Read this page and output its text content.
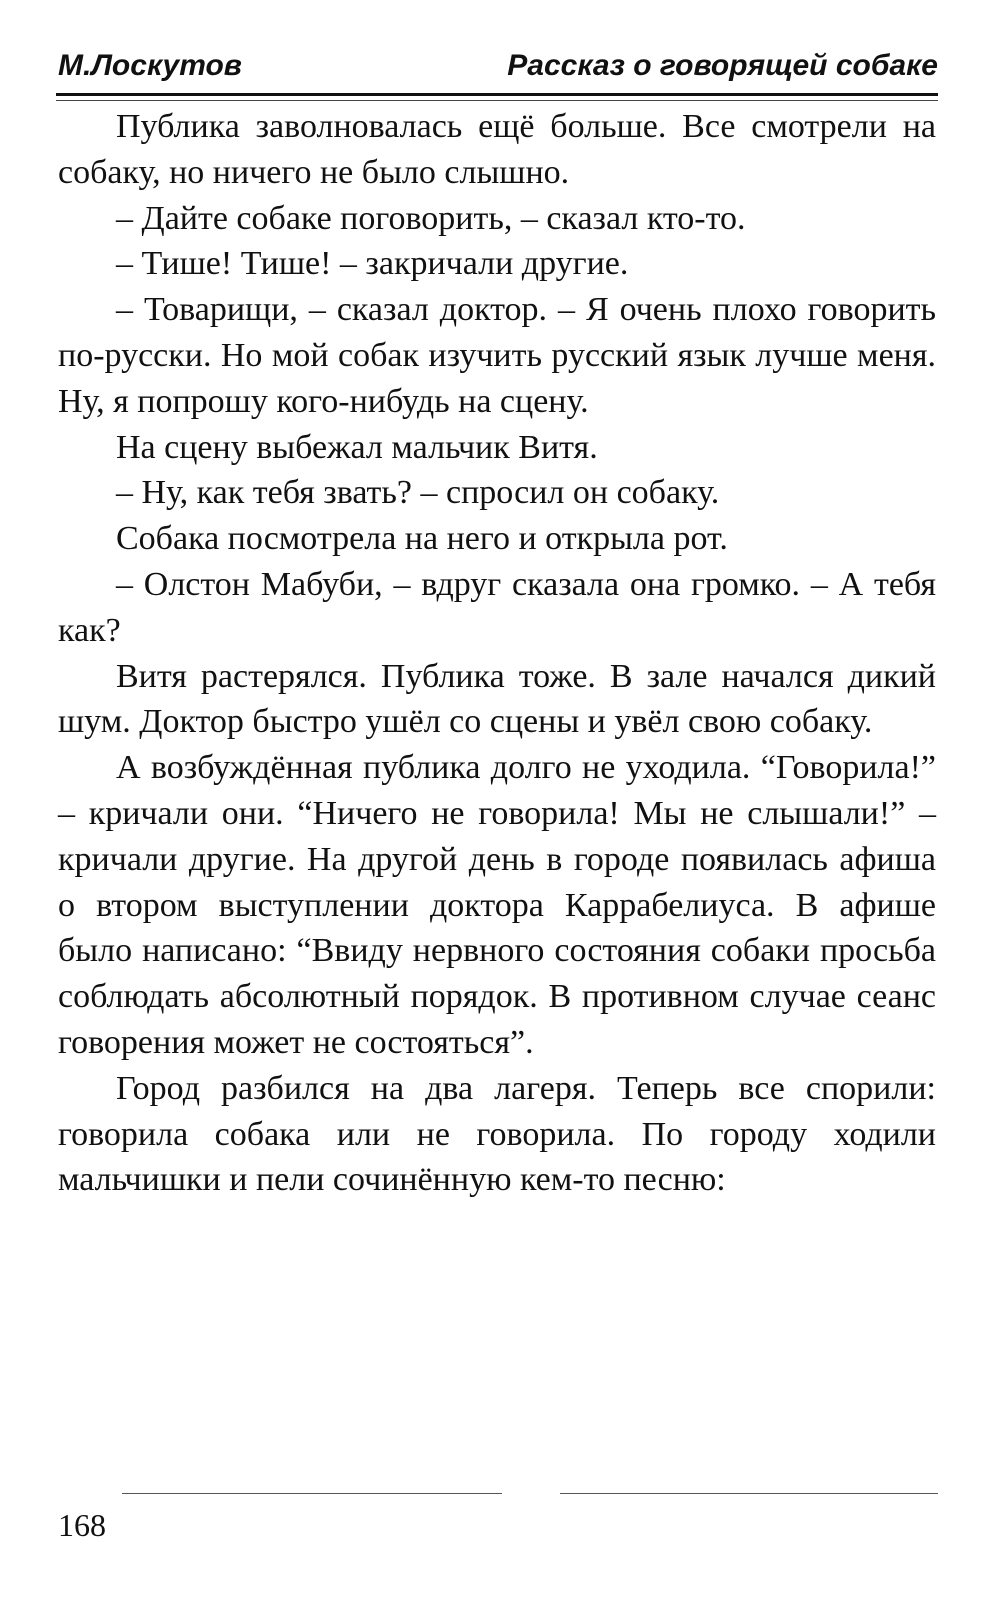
М.Лоскутов	Рассказ о говорящей собаке

Публика заволновалась ещё больше. Все смотрели на собаку, но ничего не было слышно.

– Дайте собаке поговорить, – сказал кто-то.

– Тише! Тише! – закричали другие.

– Товарищи, – сказал доктор. – Я очень плохо говорить по-русски. Но мой собак изучить русский язык лучше меня. Ну, я попрошу кого-нибудь на сцену.

На сцену выбежал мальчик Витя.

– Ну, как тебя звать? – спросил он собаку.

Собака посмотрела на него и открыла рот.

– Олстон Мабуби, – вдруг сказала она громко. – А тебя как?

Витя растерялся. Публика тоже. В зале начался дикий шум. Доктор быстро ушёл со сцены и увёл свою собаку.

А возбуждённая публика долго не уходила. “Говорила!” – кричали они. “Ничего не говорила! Мы не слышали!” – кричали другие. На другой день в городе появилась афиша о втором выступлении доктора Каррабелиуса. В афише было написано: “Ввиду нервного состояния собаки просьба соблюдать абсолютный порядок. В противном случае сеанс говорения может не состояться”.

Город разбился на два лагеря. Теперь все спорили: говорила собака или не говорила. По городу ходили мальчишки и пели сочинённую кем-то песню:

168
